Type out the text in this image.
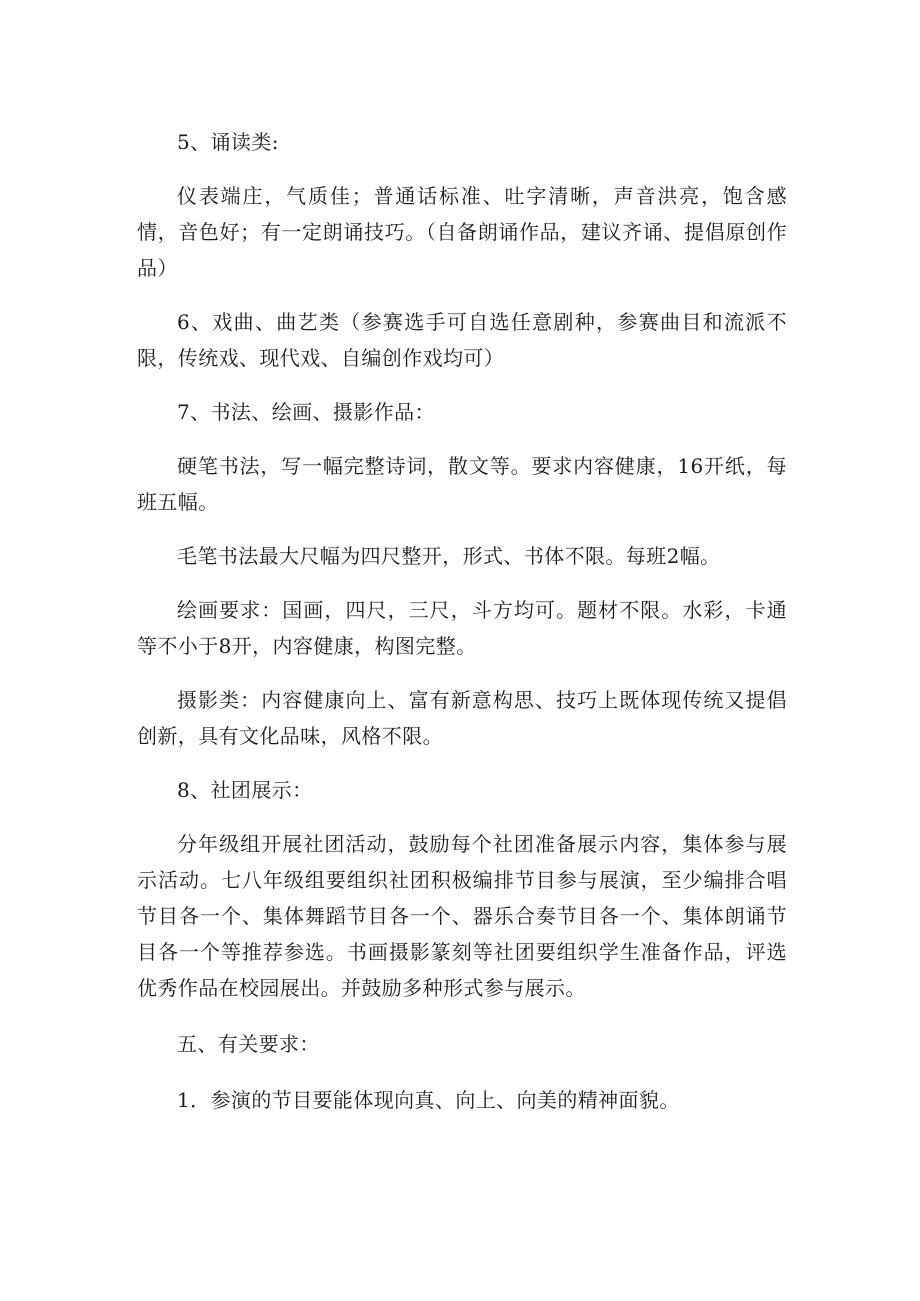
5、诵读类:

仪表端庄，气质佳；普通话标准、吐字清晰，声音洪亮，饱含感情，音色好；有一定朗诵技巧。（自备朗诵作品，建议齐诵、提倡原创作品）

6、戏曲、曲艺类（参赛选手可自选任意剧种，参赛曲目和流派不限，传统戏、现代戏、自编创作戏均可）

7、书法、绘画、摄影作品：

硬笔书法，写一幅完整诗词，散文等。要求内容健康，16开纸，每班五幅。

毛笔书法最大尺幅为四尺整开，形式、书体不限。每班2幅。

绘画要求：国画，四尺，三尺，斗方均可。题材不限。水彩，卡通等不小于8开，内容健康，构图完整。

摄影类：内容健康向上、富有新意构思、技巧上既体现传统又提倡创新，具有文化品味，风格不限。

8、社团展示：

分年级组开展社团活动，鼓励每个社团准备展示内容，集体参与展示活动。七八年级组要组织社团积极编排节目参与展演，至少编排合唱节目各一个、集体舞蹈节目各一个、器乐合奏节目各一个、集体朗诵节目各一个等推荐参选。书画摄影篆刻等社团要组织学生准备作品，评选优秀作品在校园展出。并鼓励多种形式参与展示。

五、有关要求：

1．参演的节目要能体现向真、向上、向美的精神面貌。
